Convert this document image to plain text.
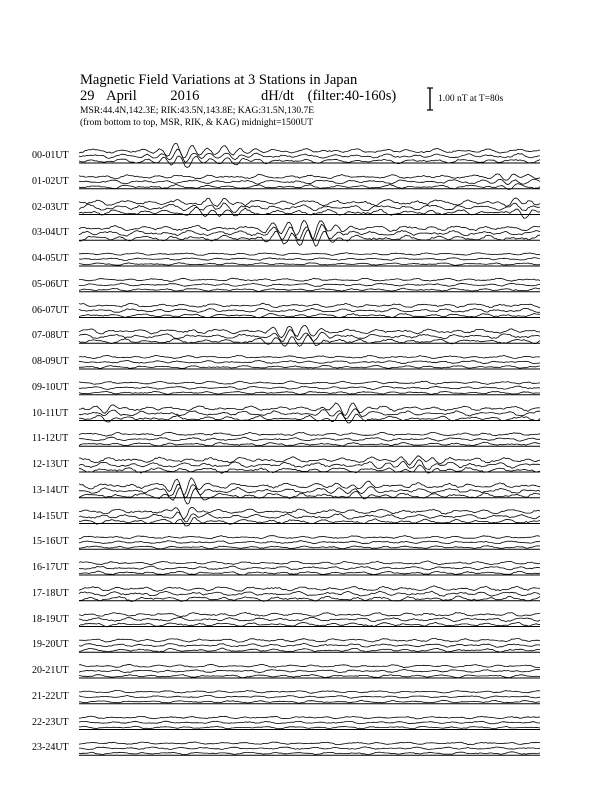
Magnetic Field Variations at 3 Stations in Japan
29 April 2016	dH/dt (filter:40-160s)
MSR:44.4N,142.3E; RIK:43.5N,143.8E; KAG:31.5N,130.7E
(from bottom to top, MSR, RIK, & KAG) midnight=1500UT
1.00 nT at T=80s
00-01UT
01-02UT
02-03UT
03-04UT
04-05UT
05-06UT
06-07UT
07-08UT
08-09UT
09-10UT
10-11UT
11-12UT
12-13UT
13-14UT
14-15UT
15-16UT
16-17UT
17-18UT
18-19UT
19-20UT
20-21UT
21-22UT
22-23UT
23-24UT
